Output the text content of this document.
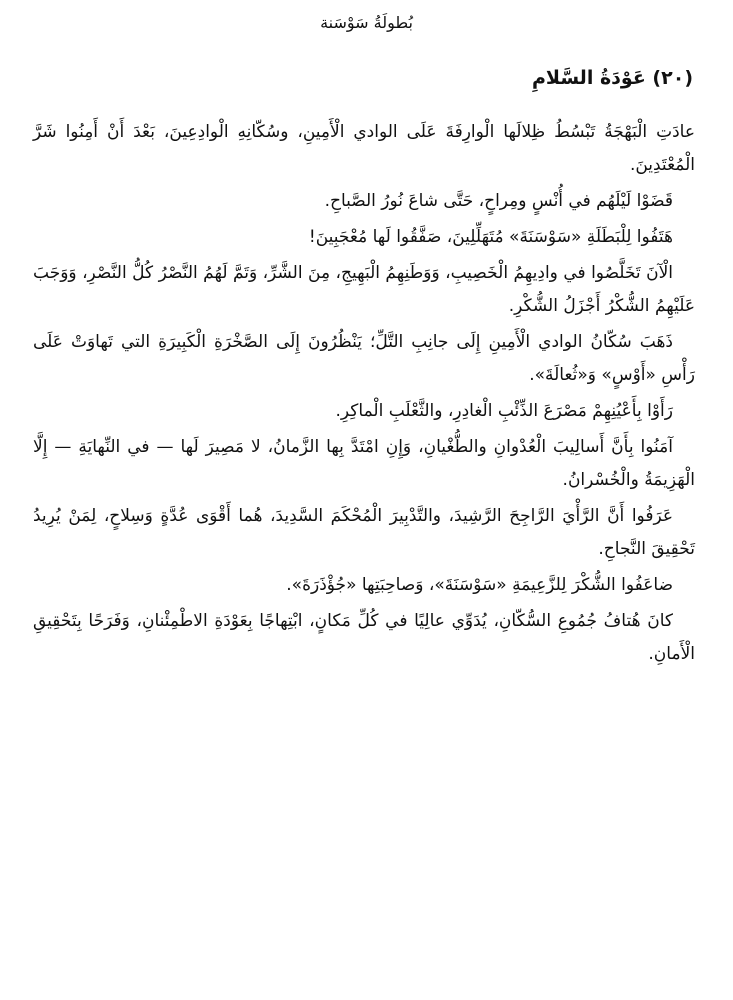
بُطولَةُ سَوْسَنة
(٢٠) عَوْدَةُ السَّلامِ

عادَتِ الْبَهْجَةُ تَبْسُطُ ظِلالَها الْوارِفَةَ عَلَى الوادي الْأَمِينِ، وسُكّانِهِ الْوادِعِينَ، بَعْدَ أَنْ أَمِنُوا شَرَّ الْمُعْتَدِينَ.

قَضَوْا لَيْلَهُم في أُنْسٍ ومِراحٍ، حَتَّى شاعَ نُورُ الصَّباحِ.

هَتَفُوا لِلْبَطَلَةِ «سَوْسَنَةَ» مُتَهَلِّلِينَ، صَفَّقُوا لَها مُعْجَبِينَ!

الْآنَ تَخَلَّصُوا في وادِيهِمُ الْخَصِيبِ، وَوَطَنِهِمُ الْبَهِيجِ، مِنَ الشَّرِّ، وَتَمَّ لَهُمُ النَّصْرُ كُلُّ النَّصْرِ، وَوَجَبَ عَلَيْهِمُ الشُّكْرُ أَجْزَلُ الشُّكْرِ.

ذَهَبَ سُكّانُ الوادي الْأَمِينِ إِلَى جانِبِ التَّلِّ؛ يَنْظُرُونَ إِلَى الصَّخْرَةِ الْكَبِيرَةِ التي تَهاوَتْ عَلَى رَأْسِ «أَوْسٍ» وَ«ثُعالَةَ».

رَأَوْا بِأَعْيُنِهِمْ مَصْرَعَ الذِّئْبِ الْغادِرِ، والثَّعْلَبِ الْماكِرِ.

آمَنُوا بِأَنَّ أَسالِيبَ الْعُدْوانِ والطُّغْيانِ، وَإِنِ امْتَدَّ بِها الزَّمانُ، لا مَصِيرَ لَها — في النِّهايَةِ — إِلَّا الْهَزِيمَةُ والْخُسْرانُ.

عَرَفُوا أَنَّ الرَّأْيَ الرَّاجِحَ الرَّشِيدَ، والتَّدْبِيرَ الْمُحْكَمَ السَّدِيدَ، هُما أَقْوَى عُدَّةٍ وَسِلاحٍ، لِمَنْ يُرِيدُ تَحْقِيقَ النَّجاحِ.

ضاعَفُوا الشُّكْرَ لِلزَّعِيمَةِ «سَوْسَنَةَ»، وَصاحِبَتِها «جُؤْذَرَةَ».

كانَ هُتافُ جُمُوعِ السُّكّانِ، يُدَوِّي عالِيًا في كُلِّ مَكانٍ، ابْتِهاجًا بِعَوْدَةِ الاطْمِئْنانِ، وَفَرَحًا بِتَحْقِيقِ الْأَمانِ.
